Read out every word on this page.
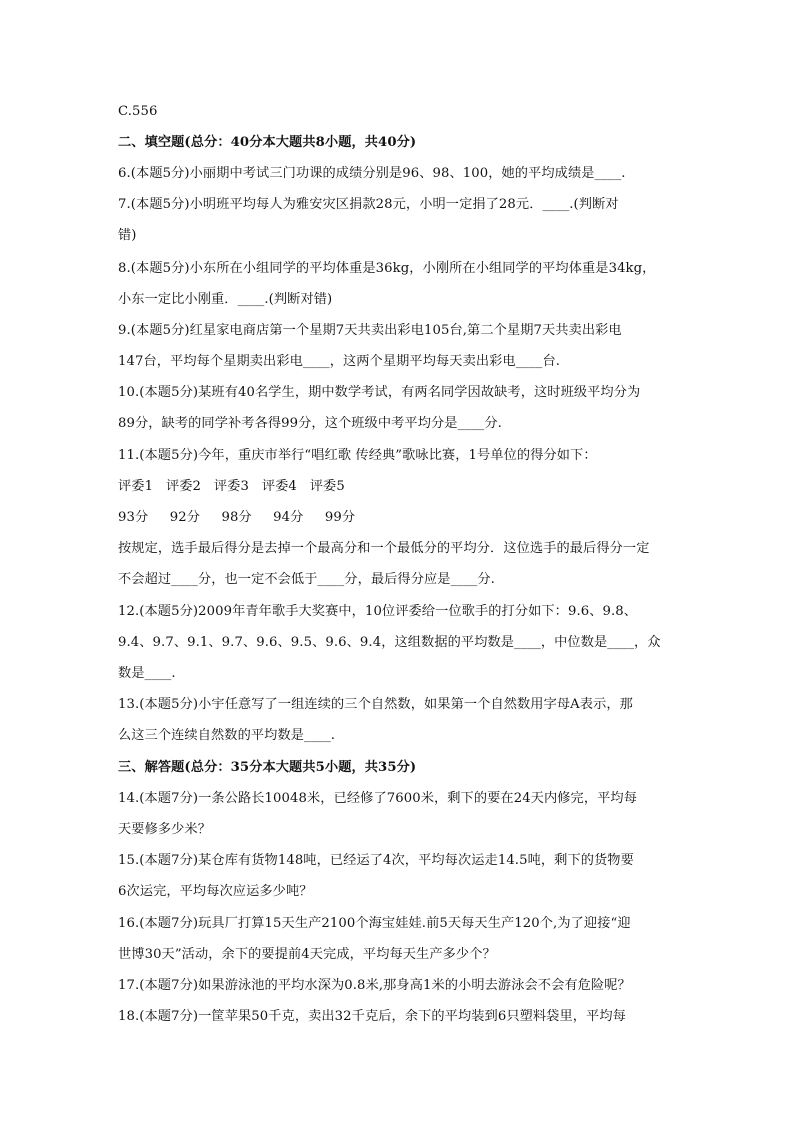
C.556
二、填空题(总分：40分本大题共8小题，共40分)
6.(本题5分)小丽期中考试三门功课的成绩分别是96、98、100，她的平均成绩是____.
7.(本题5分)小明班平均每人为雅安灾区捐款28元，小明一定捐了28元．____.(判断对
错)
8.(本题5分)小东所在小组同学的平均体重是36kg，小刚所在小组同学的平均体重是34kg，
小东一定比小刚重．____.(判断对错)
9.(本题5分)红星家电商店第一个星期7天共卖出彩电105台,第二个星期7天共卖出彩电
147台，平均每个星期卖出彩电____，这两个星期平均每天卖出彩电____台.
10.(本题5分)某班有40名学生，期中数学考试，有两名同学因故缺考，这时班级平均分为
89分，缺考的同学补考各得99分，这个班级中考平均分是____分.
11.(本题5分)今年，重庆市举行“唱红歌 传经典”歌咏比赛，1号单位的得分如下：
评委1   评委2   评委3   评委4   评委5
93分     92分     98分     94分     99分
按规定，选手最后得分是去掉一个最高分和一个最低分的平均分．这位选手的最后得分一定
不会超过____分，也一定不会低于____分，最后得分应是____分.
12.(本题5分)2009年青年歌手大奖赛中，10位评委给一位歌手的打分如下：9.6、9.8、
9.4、9.7、9.1、9.7、9.6、9.5、9.6、9.4，这组数据的平均数是____，中位数是____，众
数是____.
13.(本题5分)小宇任意写了一组连续的三个自然数，如果第一个自然数用字母A表示，那
么这三个连续自然数的平均数是____.
三、解答题(总分：35分本大题共5小题，共35分)
14.(本题7分)一条公路长10048米，已经修了7600米，剩下的要在24天内修完，平均每
天要修多少米？
15.(本题7分)某仓库有货物148吨，已经运了4次，平均每次运走14.5吨，剩下的货物要
6次运完，平均每次应运多少吨？
16.(本题7分)玩具厂打算15天生产2100个海宝娃娃.前5天每天生产120个,为了迎接“迎
世博30天”活动，余下的要提前4天完成，平均每天生产多少个？
17.(本题7分)如果游泳池的平均水深为0.8米,那身高1米的小明去游泳会不会有危险呢？
18.(本题7分)一筐苹果50千克，卖出32千克后，余下的平均装到6只塑料袋里，平均每
